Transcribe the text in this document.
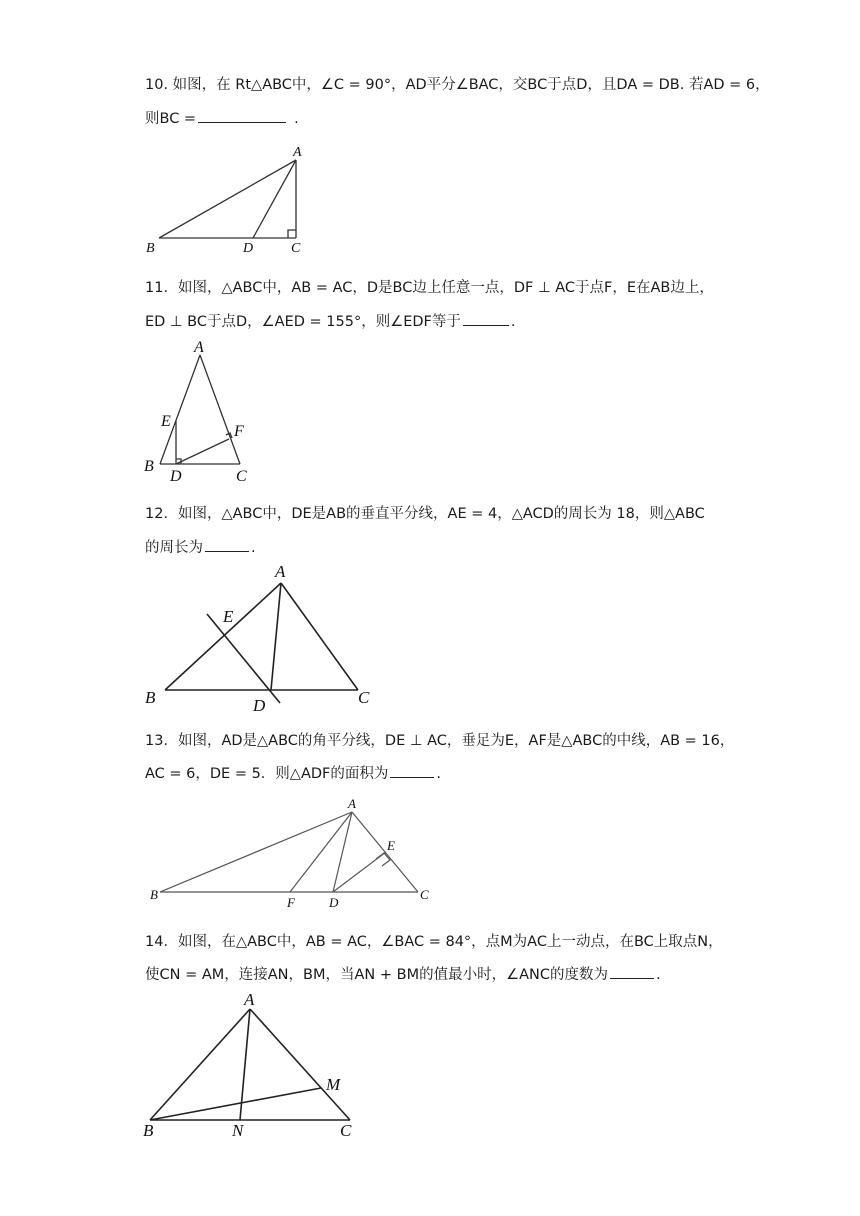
10. 如图，在 Rt△ABC中，∠C = 90°，AD平分∠BAC，交BC于点D，且DA = DB. 若AD = 6，
则BC =	.
A
B	D	C
11．如图，△ABC中，AB = AC，D是BC边上任意一点，DF ⊥ AC于点F，E在AB边上，
ED ⊥ BC于点D，∠AED = 155°，则∠EDF等于	.
A
E
F
B
D	C
12．如图，△ABC中，DE是AB的垂直平分线，AE = 4，△ACD的周长为 18，则△ABC
的周长为	.
A
E
B	D	C
13．如图，AD是△ABC的角平分线，DE ⊥ AC，垂足为E，AF是△ABC的中线，AB = 16，
AC = 6，DE = 5．则△ADF的面积为	.
A
E
B
F	D
C
14．如图，在△ABC中，AB = AC，∠BAC = 84°，点M为AC上一动点，在BC上取点N，
使CN = AM，连接AN，BM，当AN + BM的值最小时，∠ANC的度数为	.
A
M
B	N	C
